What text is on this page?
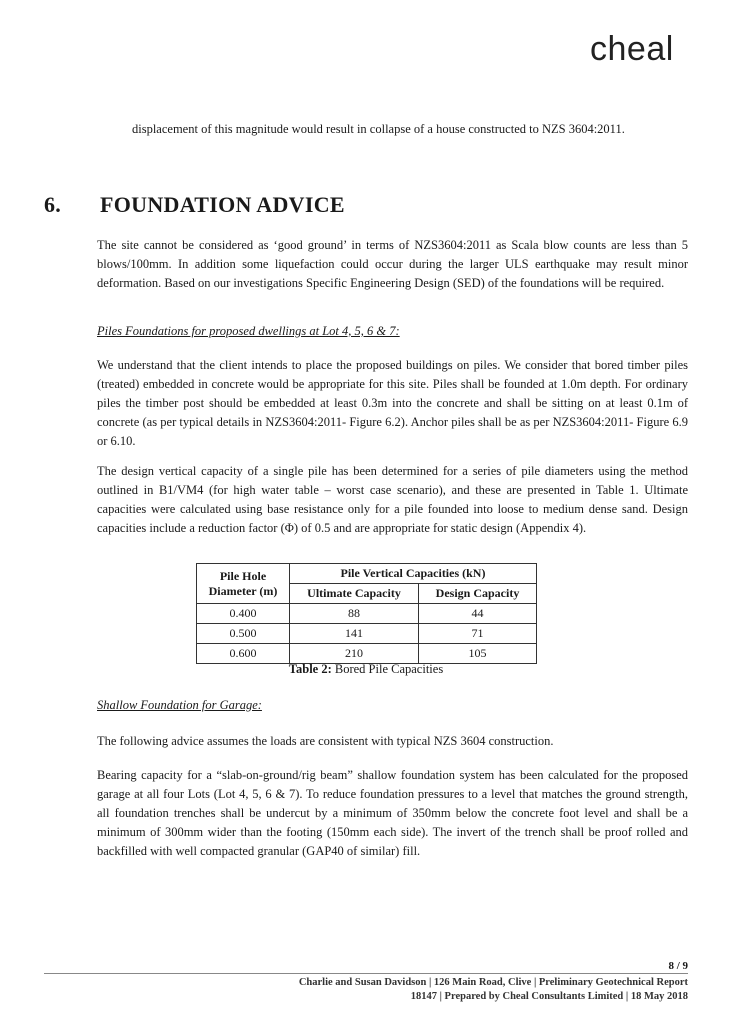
cheal

displacement of this magnitude would result in collapse of a house constructed to NZS 3604:2011.

6. FOUNDATION ADVICE

The site cannot be considered as ‘good ground’ in terms of NZS3604:2011 as Scala blow counts are less than 5 blows/100mm. In addition some liquefaction could occur during the larger ULS earthquake may result minor deformation. Based on our investigations Specific Engineering Design (SED) of the foundations will be required.

Piles Foundations for proposed dwellings at Lot 4, 5, 6 & 7:

We understand that the client intends to place the proposed buildings on piles. We consider that bored timber piles (treated) embedded in concrete would be appropriate for this site. Piles shall be founded at 1.0m depth. For ordinary piles the timber post should be embedded at least 0.3m into the concrete and shall be sitting on at least 0.1m of concrete (as per typical details in NZS3604:2011- Figure 6.2). Anchor piles shall be as per NZS3604:2011- Figure 6.9 or 6.10.

The design vertical capacity of a single pile has been determined for a series of pile diameters using the method outlined in B1/VM4 (for high water table – worst case scenario), and these are presented in Table 1. Ultimate capacities were calculated using base resistance only for a pile founded into loose to medium dense sand. Design capacities include a reduction factor (Φ) of 0.5 and are appropriate for static design (Appendix 4).

Pile Hole
Diameter (m)	Pile Vertical Capacities (kN)	
	Ultimate Capacity	Design Capacity
0.400	88	44
0.500	141	71
0.600	210	105

Table 2: Bored Pile Capacities

Shallow Foundation for Garage:

The following advice assumes the loads are consistent with typical NZS 3604 construction.

Bearing capacity for a “slab-on-ground/rig beam” shallow foundation system has been calculated for the proposed garage at all four Lots (Lot 4, 5, 6 & 7). To reduce foundation pressures to a level that matches the ground strength, all foundation trenches shall be undercut by a minimum of 350mm below the concrete foot level and shall be a minimum of 300mm wider than the footing (150mm each side). The invert of the trench shall be proof rolled and backfilled with well compacted granular (GAP40 of similar) fill.

8 / 9

Charlie and Susan Davidson | 126 Main Road, Clive | Preliminary Geotechnical Report

18147 | Prepared by Cheal Consultants Limited | 18 May 2018
